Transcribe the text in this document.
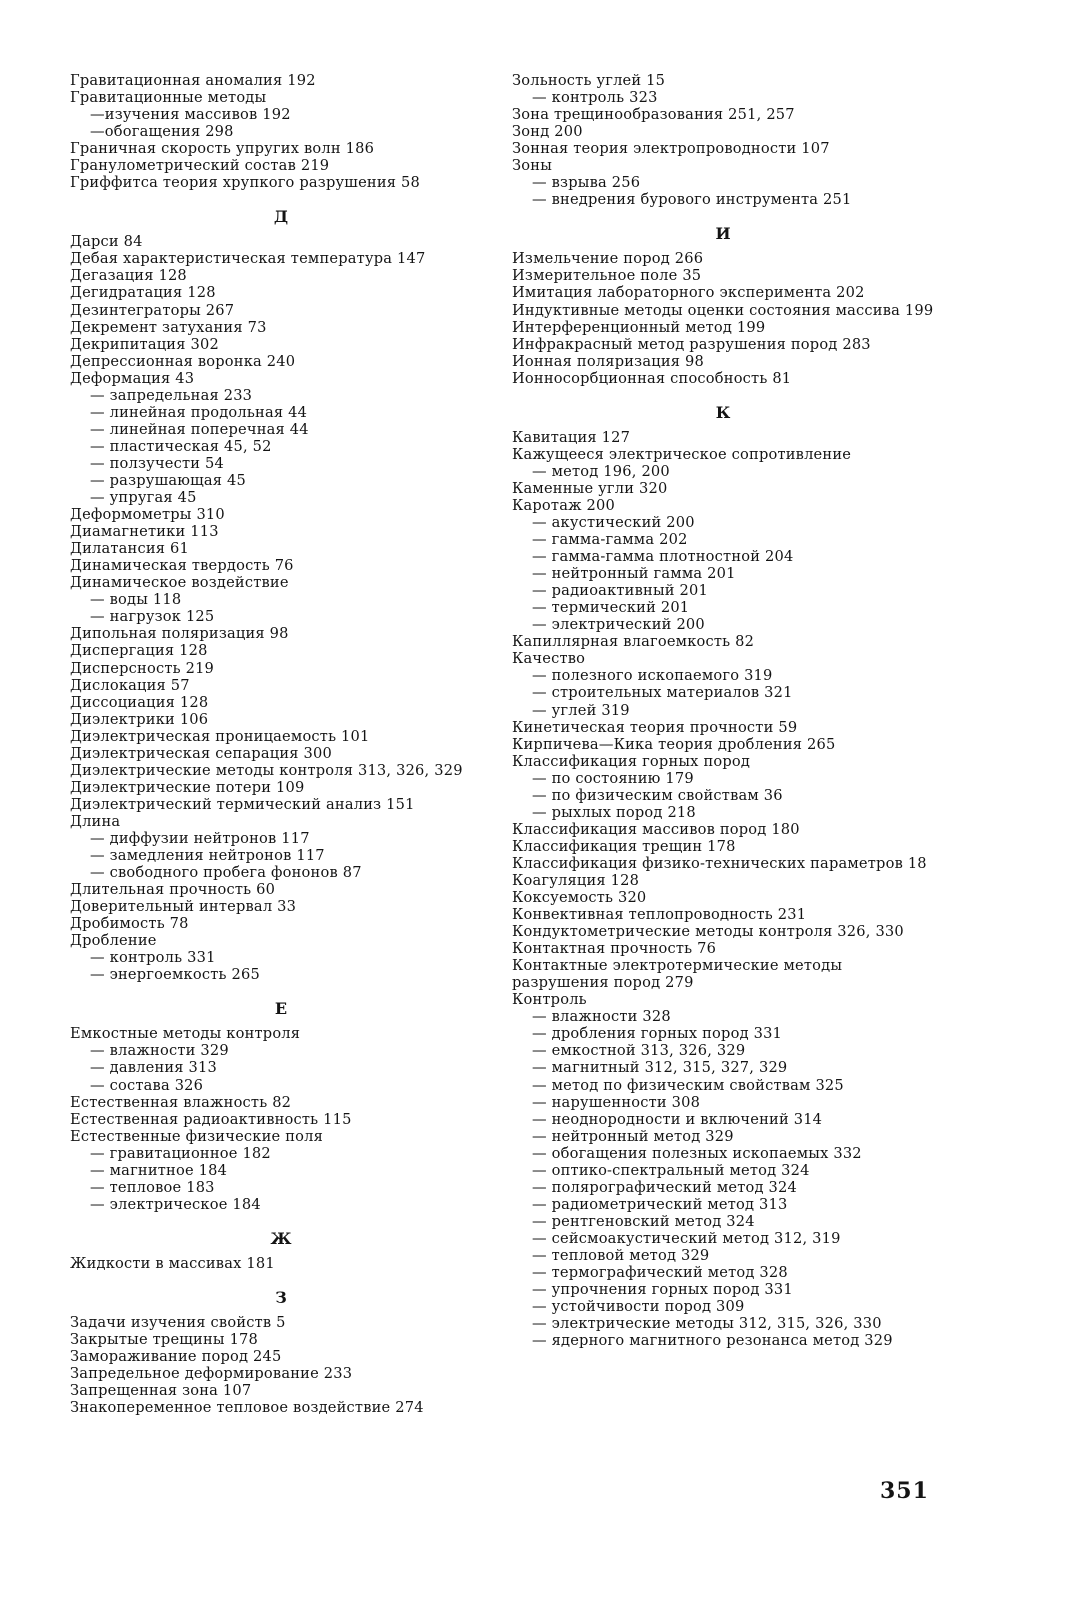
Гравитационная аномалия 192
Гравитационные методы
—изучения массивов 192
—обогащения 298
Граничная скорость упругих волн 186
Гранулометрический состав 219
Гриффитса теория хрупкого разрушения 58
Д
Дарси 84
Дебая характеристическая температура 147
Дегазация 128
Дегидратация 128
Дезинтеграторы 267
Декремент затухания 73
Декрипитация 302
Депрессионная воронка 240
Деформация 43
— запредельная 233
— линейная продольная 44
— линейная поперечная 44
— пластическая 45, 52
— ползучести 54
— разрушающая 45
— упругая 45
Деформометры 310
Диамагнетики 113
Дилатансия 61
Динамическая твердость 76
Динамическое воздействие
— воды 118
— нагрузок 125
Дипольная поляризация 98
Диспергация 128
Дисперсность 219
Дислокация 57
Диссоциация 128
Диэлектрики 106
Диэлектрическая проницаемость 101
Диэлектрическая сепарация 300
Диэлектрические методы контроля 313, 326, 329
Диэлектрические потери 109
Диэлектрический термический анализ 151
Длина
— диффузии нейтронов 117
— замедления нейтронов 117
— свободного пробега фононов 87
Длительная прочность 60
Доверительный интервал 33
Дробимость 78
Дробление
— контроль 331
— энергоемкость 265
Е
Емкостные методы контроля
— влажности 329
— давления 313
— состава 326
Естественная влажность 82
Естественная радиоактивность 115
Естественные физические поля
— гравитационное 182
— магнитное 184
— тепловое 183
— электрическое 184
Ж
Жидкости в массивах 181
З
Задачи изучения свойств 5
Закрытые трещины 178
Замораживание пород 245
Запредельное деформирование 233
Запрещенная зона 107
Знакопеременное тепловое воздействие 274
Зольность углей 15
— контроль 323
Зона трещинообразования 251, 257
Зонд 200
Зонная теория электропроводности 107
Зоны
— взрыва 256
— внедрения бурового инструмента 251
И
Измельчение пород 266
Измерительное поле 35
Имитация лабораторного эксперимента 202
Индуктивные методы оценки состояния массива 199
Интерференционный метод 199
Инфракрасный метод разрушения пород 283
Ионная поляризация 98
Ионносорбционная способность 81
К
Кавитация 127
Кажущееся электрическое сопротивление
— метод 196, 200
Каменные угли 320
Каротаж 200
— акустический 200
— гамма-гамма 202
— гамма-гамма плотностной 204
— нейтронный гамма 201
— радиоактивный 201
— термический 201
— электрический 200
Капиллярная влагоемкость 82
Качество
— полезного ископаемого 319
— строительных материалов 321
— углей 319
Кинетическая теория прочности 59
Кирпичева—Кика теория дробления 265
Классификация горных пород
— по состоянию 179
— по физическим свойствам 36
— рыхлых пород 218
Классификация массивов пород 180
Классификация трещин 178
Классификация физико-технических параметров 18
Коагуляция 128
Коксуемость 320
Конвективная теплопроводность 231
Кондуктометрические методы контроля 326, 330
Контактная прочность 76
Контактные электротермические методы разрушения пород 279
Контроль
— влажности 328
— дробления горных пород 331
— емкостной 313, 326, 329
— магнитный 312, 315, 327, 329
— метод по физическим свойствам 325
— нарушенности 308
— неоднородности и включений 314
— нейтронный метод 329
— обогащения полезных ископаемых 332
— оптико-спектральный метод 324
— полярографический метод 324
— радиометрический метод 313
— рентгеновский метод 324
— сейсмоакустический метод 312, 319
— тепловой метод 329
— термографический метод 328
— упрочнения горных пород 331
— устойчивости пород 309
— электрические методы 312, 315, 326, 330
— ядерного магнитного резонанса метод 329
351
